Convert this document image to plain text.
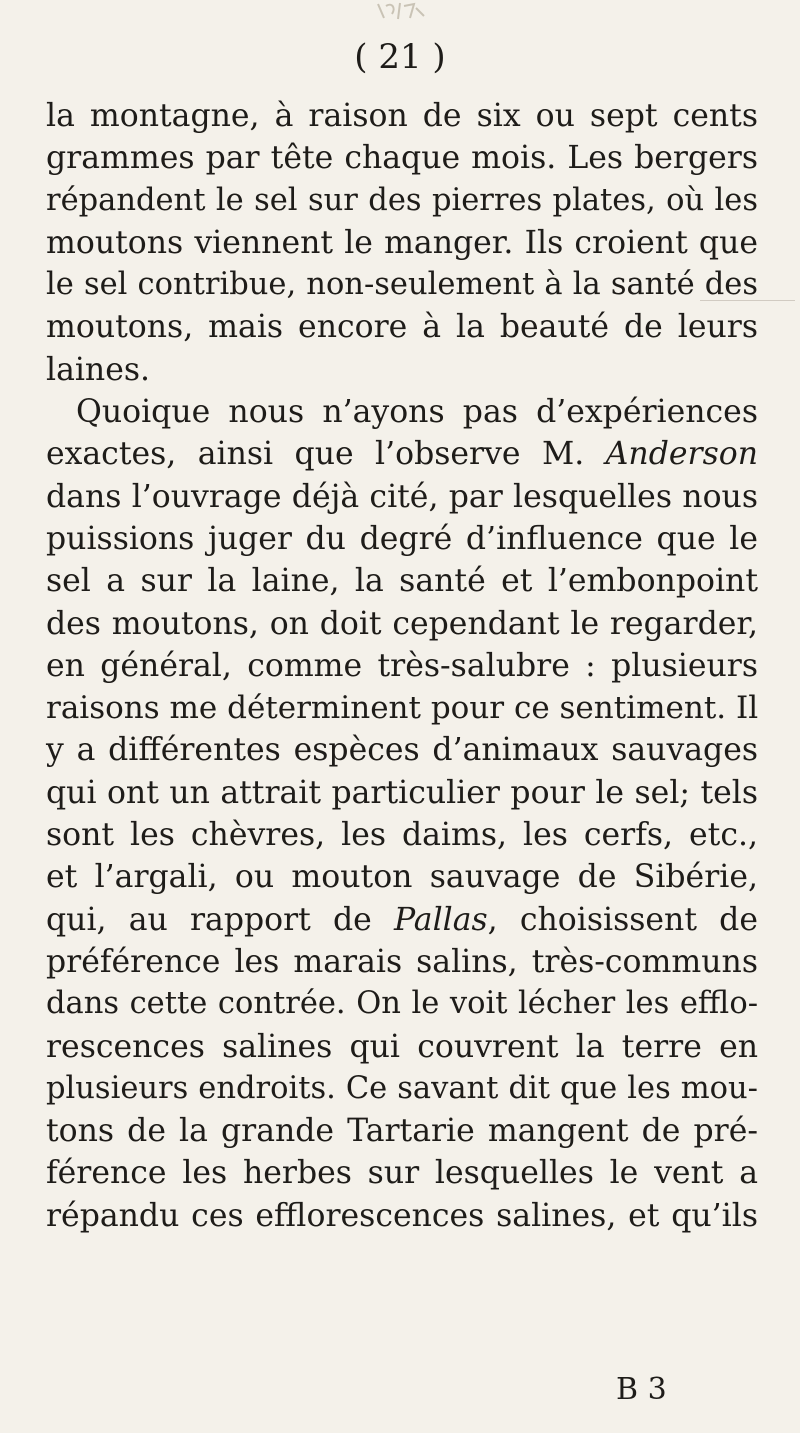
( 21 )
la montagne, à raison de six ou sept cents
grammes par tête chaque mois. Les bergers
répandent le sel sur des pierres plates, où les
moutons viennent le manger. Ils croient que
le sel contribue, non-seulement à la santé des
moutons, mais encore à la beauté de leurs
laines.
Quoique nous n’ayons pas d’expériences
exactes, ainsi que l’observe M. Anderson
dans l’ouvrage déjà cité, par lesquelles nous
puissions juger du degré d’influence que le
sel a sur la laine, la santé et l’embonpoint
des moutons, on doit cependant le regarder,
en général, comme très-salubre : plusieurs
raisons me déterminent pour ce sentiment. Il
y a différentes espèces d’animaux sauvages
qui ont un attrait particulier pour le sel; tels
sont les chèvres, les daims, les cerfs, etc.,
et l’argali, ou mouton sauvage de Sibérie,
qui, au rapport de Pallas, choisissent de
préférence les marais salins, très-communs
dans cette contrée. On le voit lécher les efflo-
rescences salines qui couvrent la terre en
plusieurs endroits. Ce savant dit que les mou-
tons de la grande Tartarie mangent de pré-
férence les herbes sur lesquelles le vent a
répandu ces efflorescences salines, et qu’ils
B 3
